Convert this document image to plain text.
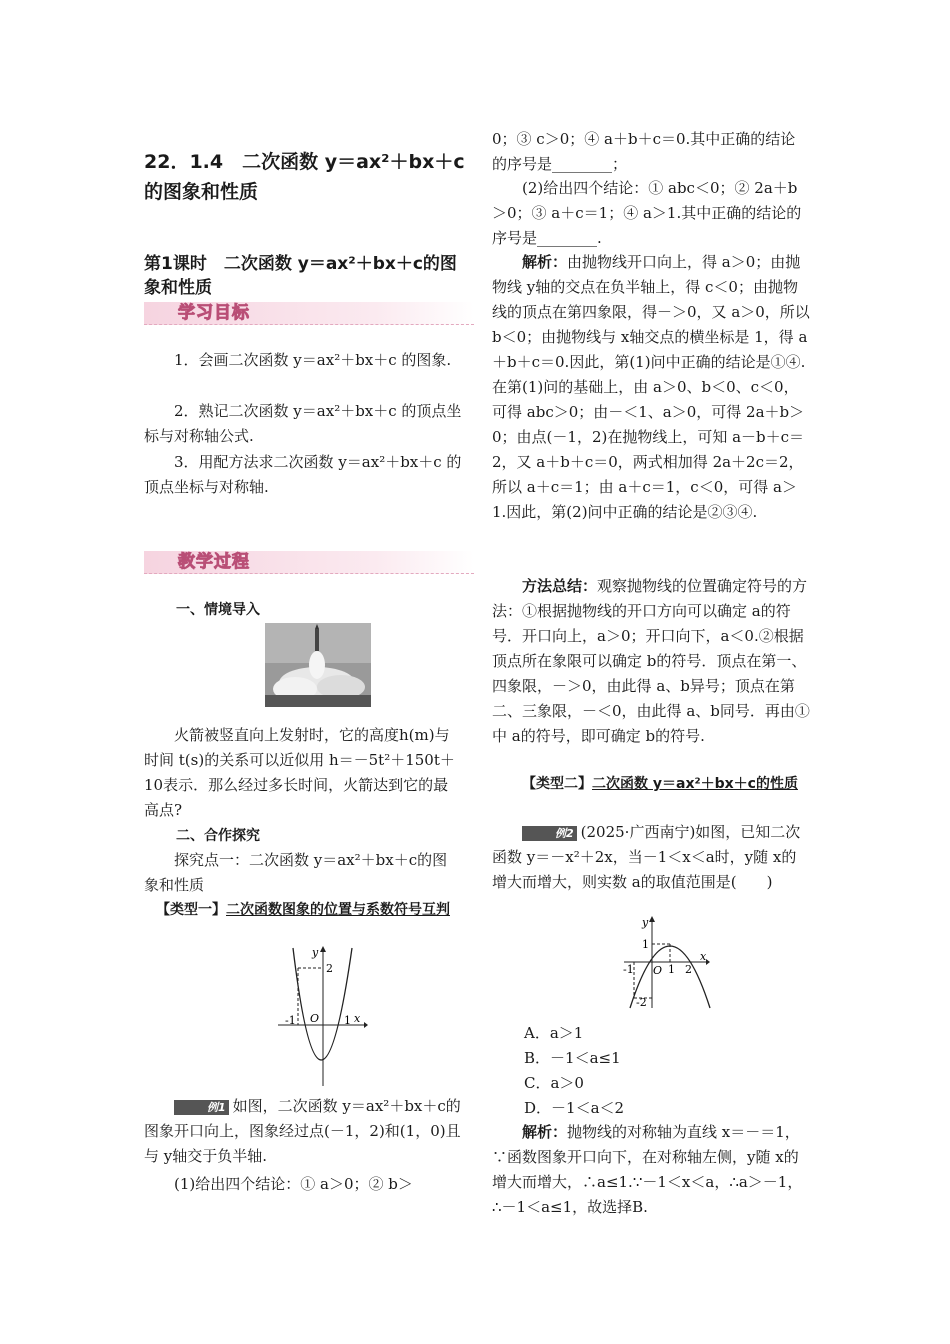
22．1.4　二次函数 y＝ax²＋bx＋c的图象和性质
第1课时　二次函数 y＝ax²＋bx＋c的图象和性质
学习目标

1．会画二次函数 y＝ax²＋bx＋c 的图象.

2．熟记二次函数 y＝ax²＋bx＋c 的顶点坐标与对称轴公式.

3．用配方法求二次函数 y＝ax²＋bx＋c 的顶点坐标与对称轴.

教学过程

一、情境导入

火箭被竖直向上发射时，它的高度h(m)与时间 t(s)的关系可以近似用 h＝－5t²＋150t＋10表示．那么经过多长时间，火箭达到它的最高点?

二、合作探究

探究点一：二次函数 y＝ax²＋bx＋c的图象和性质

【类型一】二次函数图象的位置与系数符号互判

y
x
2
-1 O 1

例1 如图，二次函数 y＝ax²＋bx＋c的图象开口向上，图象经过点(－1，2)和(1，0)且与 y轴交于负半轴.

(1)给出四个结论：① a＞0；② b＞

0；③ c＞0；④ a＋b＋c＝0.其中正确的结论的序号是________；

(2)给出四个结论：① abc＜0；② 2a＋b＞0；③ a＋c＝1；④ a＞1.其中正确的结论的序号是________.

解析：由抛物线开口向上，得 a＞0；由抛物线 y轴的交点在负半轴上，得 c＜0；由抛物线的顶点在第四象限，得－＞0，又 a＞0，所以 b＜0；由抛物线与 x轴交点的横坐标是 1，得 a＋b＋c＝0.因此，第(1)问中正确的结论是①④.在第(1)问的基础上，由 a＞0、b＜0、c＜0，可得 abc＞0；由－＜1、a＞0，可得 2a＋b＞0；由点(－1，2)在抛物线上，可知 a－b＋c＝2，又 a＋b＋c＝0，两式相加得 2a＋2c＝2，所以 a＋c＝1；由 a＋c＝1，c＜0，可得 a＞1.因此，第(2)问中正确的结论是②③④.

方法总结：观察抛物线的位置确定符号的方法：①根据抛物线的开口方向可以确定 a的符号．开口向上，a＞0；开口向下，a＜0.②根据顶点所在象限可以确定 b的符号．顶点在第一、四象限，－＞0，由此得 a、b异号；顶点在第二、三象限，－＜0，由此得 a、b同号．再由①中 a的符号，即可确定 b的符号.

【类型二】二次函数 y＝ax²＋bx＋c的性质

例2 (2025·广西南宁)如图，已知二次函数 y＝－x²＋2x，当－1＜x＜a时，y随 x的增大而增大，则实数 a的取值范围是(　　)

y
x
1
-1 O 1 2
-2

A．a＞1

B．－1＜a≤1

C．a＞0

D．－1＜a＜2

解析：抛物线的对称轴为直线 x＝－＝1，∵函数图象开口向下，在对称轴左侧，y随 x的增大而增大，∴a≤1.∵－1＜x＜a，∴a＞－1，∴－1＜a≤1，故选择B.
